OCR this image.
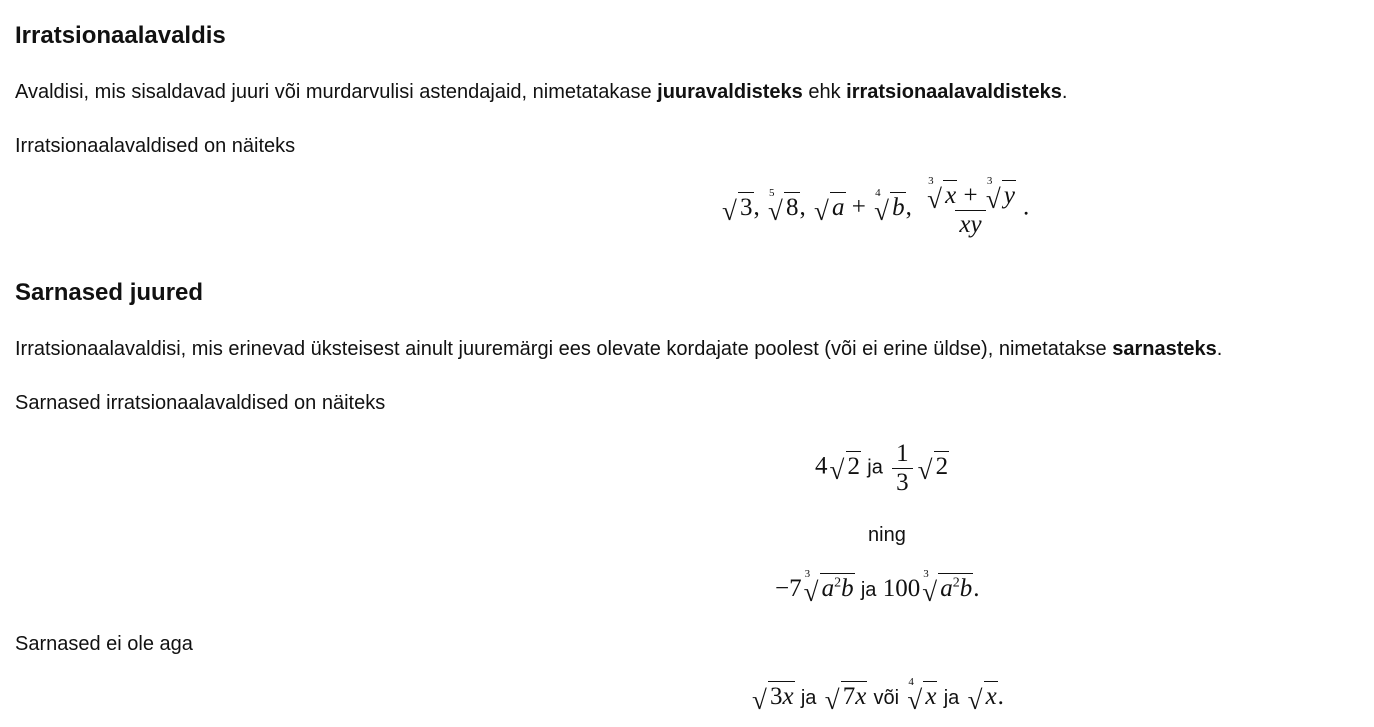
Irratsionaalavaldis
Avaldisi, mis sisaldavad juuri või murdarvulisi astendajaid, nimetatakase juuravaldisteks ehk irratsionaalavaldisteks.
Irratsionaalavaldised on näiteks
√ 3,
5
√ 8, √ a +
4
√ b, 3
√ x +
3
√ y
xy .
Sarnased juured
Irratsionaalavaldisi, mis erinevad üksteisest ainult juuremärgi ees olevate kordajate poolest (või ei erine üldse), nimetatakse sarnasteks.
Sarnased irratsionaalavaldised on näiteks
4 √ 2 ja $\frac{1}{3}$ √ 2
ning
−7
3
√ $a^2b$ ja 100
3
√ $a^2b$.
Sarnased ei ole aga
√ 3x ja √ 7x või
4
√ x ja √ x.
